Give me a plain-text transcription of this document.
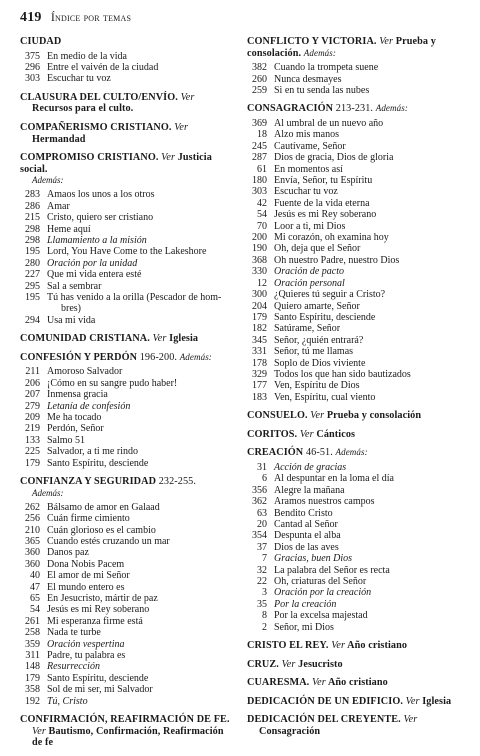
419 Índice por temas
CIUDAD
375 En medio de la vida
296 Entre el vaivén de la ciudad
303 Escuchar tu voz
CLAUSURA DEL CULTO/ENVÍO. Ver
Recursos para el culto.
COMPAÑERISMO CRISTIANO. Ver
Hermandad
COMPROMISO CRISTIANO. Ver Justicia social.
Además:
283 Amaos los unos a los otros
286 Amar
215 Cristo, quiero ser cristiano
298 Heme aquí
298 Llamamiento a la misión
195 Lord, You Have Come to the Lakeshore
280 Oración por la unidad
227 Que mi vida entera esté
295 Sal a sembrar
195 Tú has venido a la orilla (Pescador de hom-
bres)
294 Usa mi vida
COMUNIDAD CRISTIANA. Ver Iglesia
CONFESIÓN Y PERDÓN 196-200. Además:
211 Amoroso Salvador
206 ¡Cómo en su sangre pudo haber!
207 Inmensa gracia
279 Letanía de confesión
209 Me ha tocado
219 Perdón, Señor
133 Salmo 51
225 Salvador, a ti me rindo
179 Santo Espíritu, desciende
CONFIANZA Y SEGURIDAD 232-255.
Además:
262 Bálsamo de amor en Galaad
256 Cuán firme cimiento
210 Cuán glorioso es el cambio
365 Cuando estés cruzando un mar
360 Danos paz
360 Dona Nobis Pacem
40 El amor de mi Señor
47 El mundo entero es
65 En Jesucristo, mártir de paz
54 Jesús es mi Rey soberano
261 Mi esperanza firme está
258 Nada te turbe
359 Oración vespertina
311 Padre, tu palabra es
148 Resurrección
179 Santo Espíritu, desciende
358 Sol de mi ser, mi Salvador
192 Tú, Cristo
CONFIRMACIÓN, REAFIRMACIÓN DE FE.
Ver Bautismo, Confirmación, Reafirmación de fe
CONFLICTO Y VICTORIA. Ver Prueba y consolación. Además:
382 Cuando la trompeta suene
260 Nunca desmayes
259 Si en tu senda las nubes
CONSAGRACIÓN 213-231. Además:
369 Al umbral de un nuevo año
18 Alzo mis manos
245 Cautívame, Señor
287 Dios de gracia, Dios de gloria
61 En momentos así
180 Envía, Señor, tu Espíritu
303 Escuchar tu voz
42 Fuente de la vida eterna
54 Jesús es mi Rey soberano
70 Loor a ti, mi Dios
200 Mi corazón, oh examina hoy
190 Oh, deja que el Señor
368 Oh nuestro Padre, nuestro Dios
330 Oración de pacto
12 Oración personal
300 ¿Quieres tú seguir a Cristo?
204 Quiero amarte, Señor
179 Santo Espíritu, desciende
182 Satúrame, Señor
345 Señor, ¿quién entrará?
331 Señor, tú me llamas
178 Soplo de Dios viviente
329 Todos los que han sido bautizados
177 Ven, Espíritu de Dios
183 Ven, Espíritu, cual viento
CONSUELO. Ver Prueba y consolación
CORITOS. Ver Cánticos
CREACIÓN 46-51. Además:
31 Acción de gracias
6 Al despuntar en la loma el día
356 Alegre la mañana
362 Aramos nuestros campos
63 Bendito Cristo
20 Cantad al Señor
354 Despunta el alba
37 Dios de las aves
7 Gracias, buen Dios
32 La palabra del Señor es recta
22 Oh, criaturas del Señor
3 Oración por la creación
35 Por la creación
8 Por la excelsa majestad
2 Señor, mi Dios
CRISTO EL REY. Ver Año cristiano
CRUZ. Ver Jesucristo
CUARESMA. Ver Año cristiano
DEDICACIÓN DE UN EDIFICIO. Ver Iglesia
DEDICACIÓN DEL CREYENTE. Ver
Consagración
